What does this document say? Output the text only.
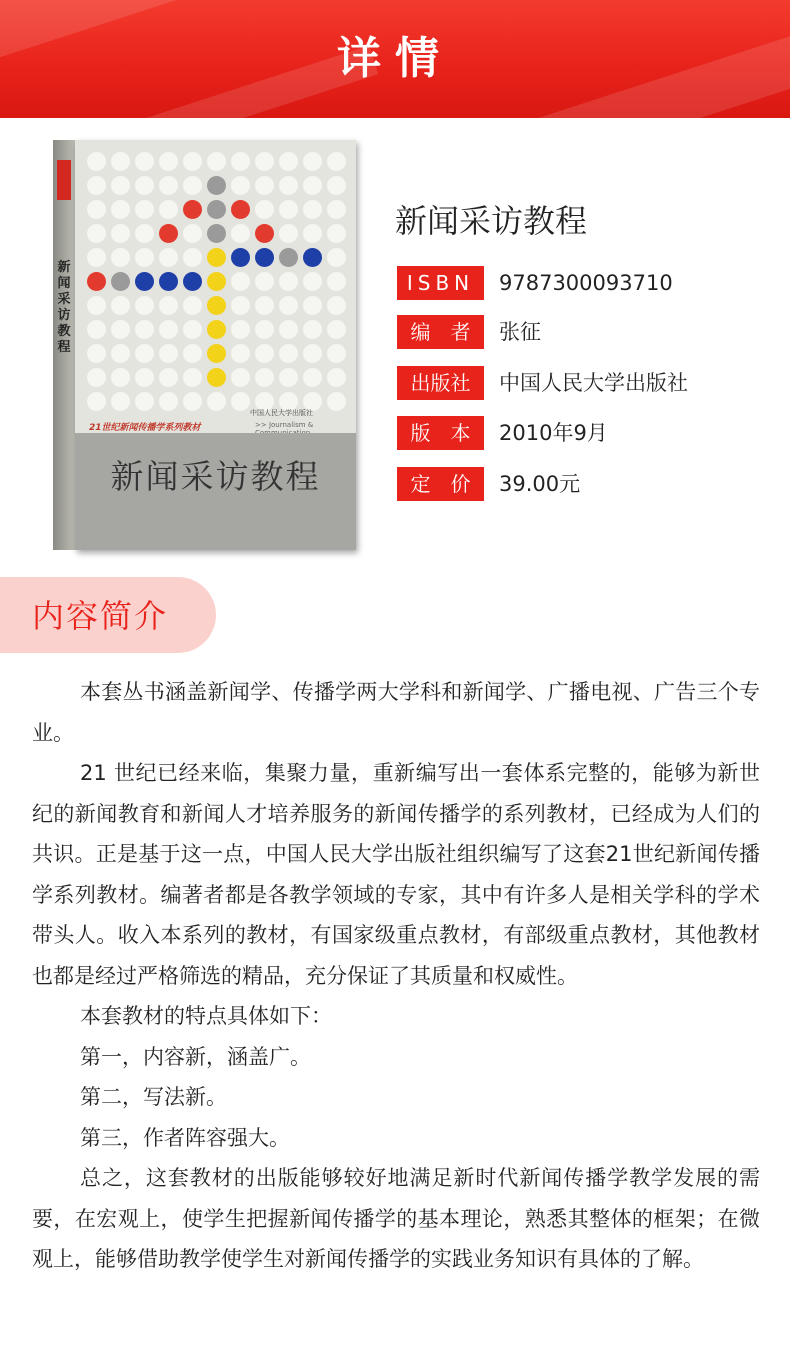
详情
新闻采访教程
中国人民大学出版社
21世纪新闻传播学系列教材	>> Journalism &
新闻采访教程
新闻采访教程
ISBN	9787300093710
编　者	张征
出版社	中国人民大学出版社
版　本	2010年9月
定　价	39.00元
内容简介

本套丛书涵盖新闻学、传播学两大学科和新闻学、广播电视、广告三个专业。

21 世纪已经来临，集聚力量，重新编写出一套体系完整的，能够为新世纪的新闻教育和新闻人才培养服务的新闻传播学的系列教材，已经成为人们的共识。正是基于这一点，中国人民大学出版社组织编写了这套21世纪新闻传播学系列教材。编著者都是各教学领域的专家，其中有许多人是相关学科的学术带头人。收入本系列的教材，有国家级重点教材，有部级重点教材，其他教材也都是经过严格筛选的精品，充分保证了其质量和权威性。

本套教材的特点具体如下：

第一，内容新，涵盖广。

第二，写法新。

第三，作者阵容强大。

总之，这套教材的出版能够较好地满足新时代新闻传播学教学发展的需要，在宏观上，使学生把握新闻传播学的基本理论，熟悉其整体的框架；在微观上，能够借助教学使学生对新闻传播学的实践业务知识有具体的了解。
